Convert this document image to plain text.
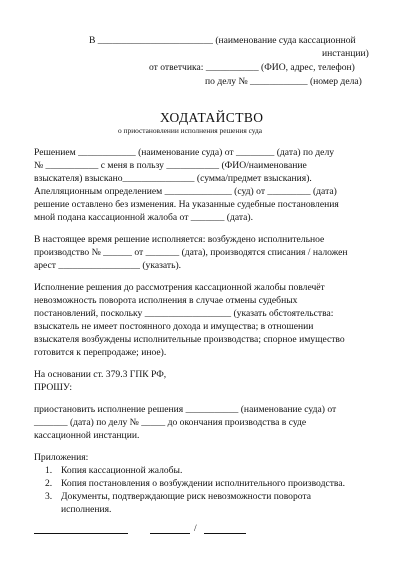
В ________________________ (наименование суда кассационной
инстанции)
от ответчика: ___________ (ФИО, адрес, телефон)
по делу № ____________ (номер дела)
ХОДАТАЙСТВО
о приостановлении исполнения решения суда
Решением ____________ (наименование суда) от ________ (дата) по делу
№ ___________ с меня в пользу ___________ (ФИО/наименование
взыскателя) взыскано_______________ (сумма/предмет взыскания).
Апелляционным определением ______________ (суд) от _________ (дата)
решение оставлено без изменения. На указанные судебные постановления
мной подана кассационной жалоба от _______ (дата).
В настоящее время решение исполняется: возбуждено исполнительное
производство № ______ от _______ (дата), производятся списания / наложен
арест _________________ (указать).
Исполнение решения до рассмотрения кассационной жалобы повлечёт
невозможность поворота исполнения в случае отмены судебных
постановлений, поскольку __________________ (указать обстоятельства:
взыскатель не имеет постоянного дохода и имущества; в отношении
взыскателя возбуждены исполнительные производства; спорное имущество
готовится к перепродаже; иное).
На основании ст. 379.3 ГПК РФ,
ПРОШУ:
приостановить исполнение решения ___________ (наименование суда) от
_______ (дата) по делу № _____ до окончания производства в суде
кассационной инстанции.
Приложения:
1. Копия кассационной жалобы.
2. Копия постановления о возбуждении исполнительного производства.
3. Документы, подтверждающие риск невозможности поворота
исполнения.
/
